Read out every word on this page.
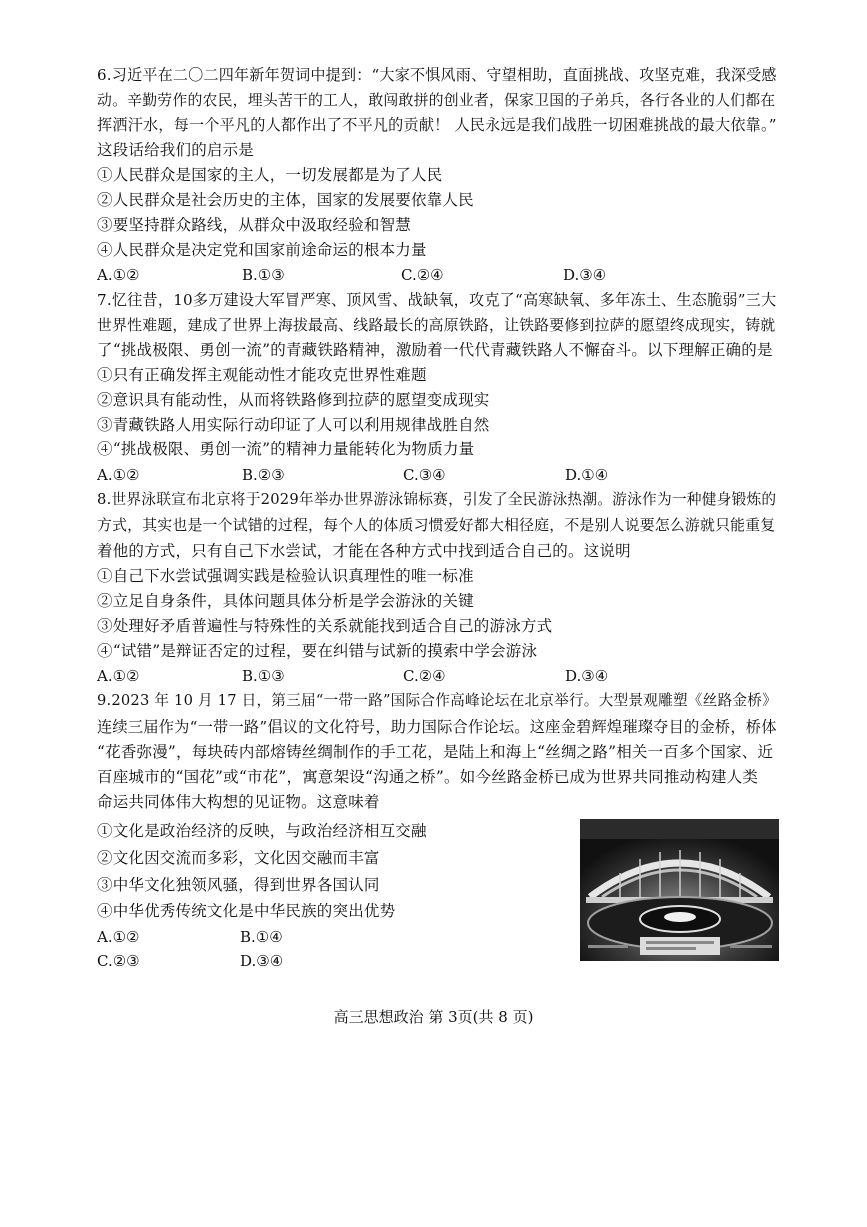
6.习近平在二〇二四年新年贺词中提到：“大家不惧风雨、守望相助，直面挑战、攻坚克难，我深受感
动。辛勤劳作的农民，埋头苦干的工人，敢闯敢拼的创业者，保家卫国的子弟兵，各行各业的人们都在
挥洒汗水，每一个平凡的人都作出了不平凡的贡献！ 人民永远是我们战胜一切困难挑战的最大依靠。”
这段话给我们的启示是
①人民群众是国家的主人，一切发展都是为了人民
②人民群众是社会历史的主体，国家的发展要依靠人民
③要坚持群众路线，从群众中汲取经验和智慧
④人民群众是决定党和国家前途命运的根本力量
A.①②	B.①③	C.②④	D.③④
7.忆往昔，10多万建设大军冒严寒、顶风雪、战缺氧，攻克了“高寒缺氧、多年冻土、生态脆弱”三大
世界性难题，建成了世界上海拔最高、线路最长的高原铁路，让铁路要修到拉萨的愿望终成现实，铸就
了“挑战极限、勇创一流”的青藏铁路精神，激励着一代代青藏铁路人不懈奋斗。以下理解正确的是
①只有正确发挥主观能动性才能攻克世界性难题
②意识具有能动性，从而将铁路修到拉萨的愿望变成现实
③青藏铁路人用实际行动印证了人可以利用规律战胜自然
④“挑战极限、勇创一流”的精神力量能转化为物质力量
A.①②	B.②③	C.③④	D.①④
8.世界泳联宣布北京将于2029年举办世界游泳锦标赛，引发了全民游泳热潮。游泳作为一种健身锻炼的
方式，其实也是一个试错的过程，每个人的体质习惯爱好都大相径庭，不是别人说要怎么游就只能重复
着他的方式，只有自己下水尝试，才能在各种方式中找到适合自己的。这说明
①自己下水尝试强调实践是检验认识真理性的唯一标准
②立足自身条件，具体问题具体分析是学会游泳的关键
③处理好矛盾普遍性与特殊性的关系就能找到适合自己的游泳方式
④“试错”是辩证否定的过程，要在纠错与试新的摸索中学会游泳
A.①②	B.①③	C.②④	D.③④
9.2023 年 10 月 17 日，第三届“一带一路”国际合作高峰论坛在北京举行。大型景观雕塑《丝路金桥》
连续三届作为“一带一路”倡议的文化符号，助力国际合作论坛。这座金碧辉煌璀璨夺目的金桥，桥体
“花香弥漫”，每块砖内部熔铸丝绸制作的手工花，是陆上和海上“丝绸之路”相关一百多个国家、近
百座城市的“国花”或“市花”，寓意架设“沟通之桥”。如今丝路金桥已成为世界共同推动构建人类
命运共同体伟大构想的见证物。这意味着
①文化是政治经济的反映，与政治经济相互交融
②文化因交流而多彩，文化因交融而丰富
③中华文化独领风骚，得到世界各国认同
④中华优秀传统文化是中华民族的突出优势
A.①②	B.①④
C.②③	D.③④
高三思想政治 第 3页(共 8 页)
